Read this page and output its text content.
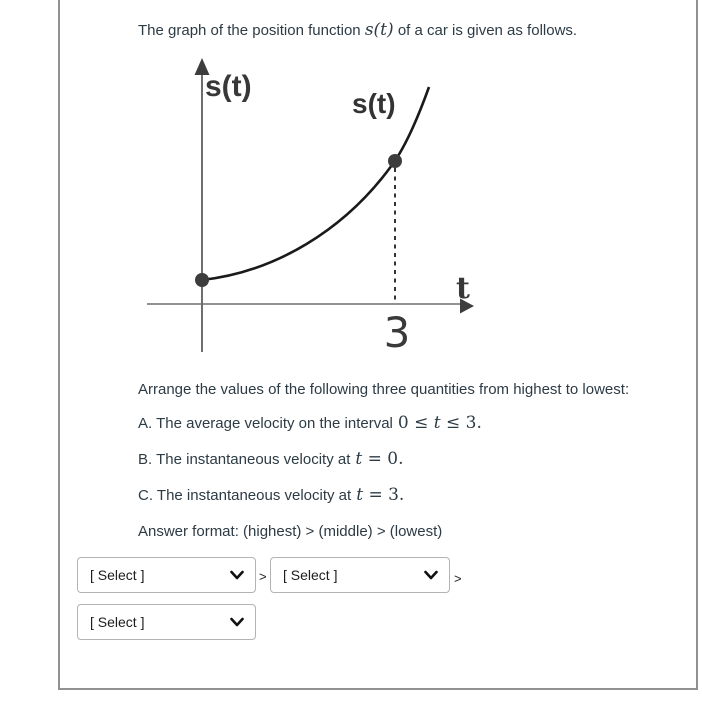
The graph of the position function s(t) of a car is given as follows.
s(t)
s(t)
t
3
Arrange the values of the following three quantities from highest to lowest:
A. The average velocity on the interval 0 ≤ t ≤ 3.
B. The instantaneous velocity at t = 0.
C. The instantaneous velocity at t = 3.
Answer format: (highest) > (middle) > (lowest)
[ Select ]	> [ Select ]	>
[ Select ]
